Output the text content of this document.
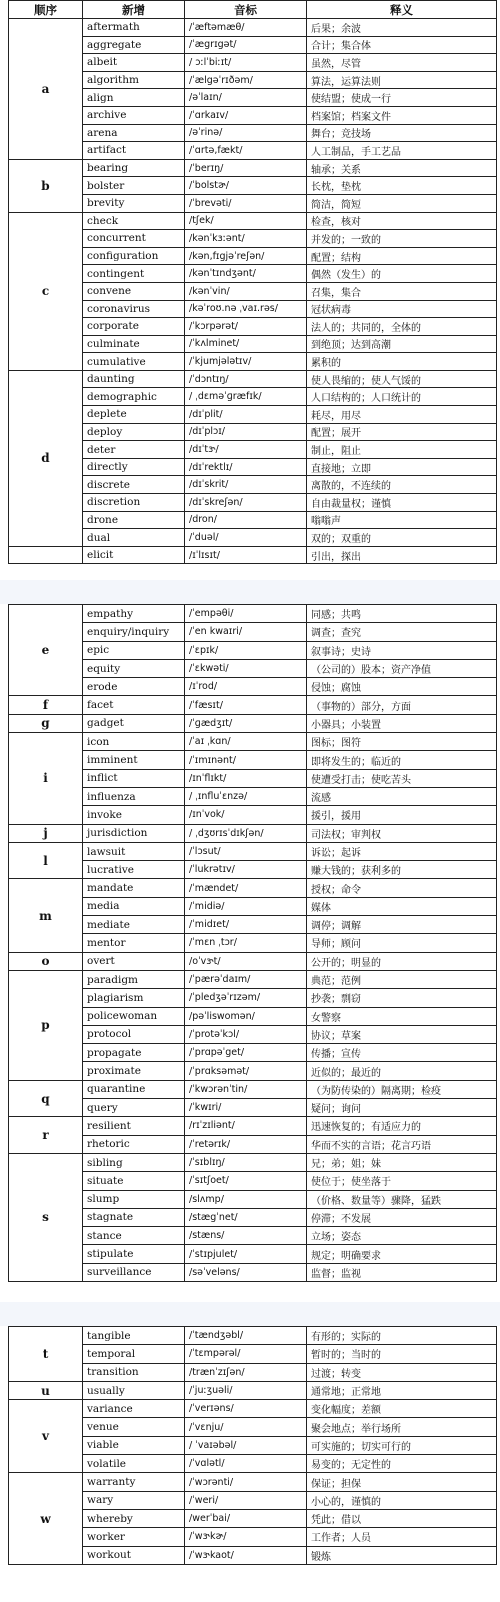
顺序	新增	音标	释义
a	aftermath	/ˈæftəmæθ/	后果；余波
	aggregate	/ˈægrɪgət/	合计；集合体
	albeit	/ ɔːlˈbiːɪt/	虽然，尽管
	algorithm	/ˈælgəˈrɪðəm/	算法，运算法则
	align	/əˈlaɪn/	使结盟；使成一行
	archive	/ˈɑrkaɪv/	档案馆；档案文件
	arena	/əˈrinə/	舞台；竞技场
	artifact	/ˈɑrtə,fækt/	人工制品，手工艺品
b	bearing	/ˈberɪŋ/	轴承；关系
	bolster	/ˈbolstɚ/	长枕，垫枕
	brevity	/ˈbrevəti/	简洁，简短
c	check	/tʃek/	检查，核对
	concurrent	/kənˈkɜːənt/	并发的；一致的
	configuration	/kən,fɪgjəˈreʃən/	配置；结构
	contingent	/kənˈtɪndʒənt/	偶然（发生）的
	convene	/kənˈvin/	召集，集合
	coronavirus	/kəˈroʊ.nə ˌvaɪ.rəs/	冠状病毒
	corporate	/ˈkɔrpərət/	法人的；共同的，全体的
	culminate	/ˈkʌlminet/	到绝顶；达到高潮
	cumulative	/ˈkjumjələtɪv/	累积的
d	daunting	/ˈdɔntɪŋ/	使人畏缩的；使人气馁的
	demographic	/ ˌdɛməˈɡræfɪk/	人口结构的；人口统计的
	deplete	/dɪˈplit/	耗尽，用尽
	deploy	/dɪˈplɔɪ/	配置；展开
	deter	/dɪˈtɝ/	制止，阻止
	directly	/dɪˈrektlɪ/	直接地；立即
	discrete	/dɪˈskrit/	离散的，不连续的
	discretion	/dɪˈskreʃən/	自由裁量权；谨慎
	drone	/dron/	嗡嗡声
	dual	/ˈduəl/	双的；双重的
	elicit	/ɪˈlɪsɪt/	引出，探出
e	empathy	/ˈempəθi/	同感；共鸣
	enquiry/inquiry	/ˈen kwaɪri/	调查；查究
	epic	/ˈɛpɪk/	叙事诗；史诗
	equity	/ˈɛkwəti/	（公司的）股本；资产净值
	erode	/ɪˈrod/	侵蚀；腐蚀
f	facet	/ˈfæsɪt/	（事物的）部分，方面
g	gadget	/ˈɡædʒɪt/	小器具；小装置
i	icon	/ˈaɪ ˌkɑn/	图标；图符
	imminent	/ˈɪmɪnənt/	即将发生的；临近的
	inflict	/ɪnˈflɪkt/	使遭受打击；使吃苦头
	influenza	/ ˌɪnfluˈɛnzə/	流感
	invoke	/ɪnˈvok/	援引，援用
j	jurisdiction	/ ˌdʒʊrɪsˈdɪkʃən/	司法权；审判权
l	lawsuit	/ˈlɔsut/	诉讼；起诉
	lucrative	/ˈlukrətɪv/	赚大钱的；获利多的
m	mandate	/ˈmændet/	授权；命令
	media	/ˈmidiə/	媒体
	mediate	/ˈmidɪet/	调停；调解
	mentor	/ˈmɛn ˌtɔr/	导师；顾问
o	overt	/oˈvɝt/	公开的；明显的
p	paradigm	/ˈpærəˈdaɪm/	典范；范例
	plagiarism	/ˈpledʒəˈrɪzəm/	抄袭；剽窃
	policewoman	/pəˈliswomən/	女警察
	protocol	/ˈprotəˈkɔl/	协议；草案
	propagate	/ˈprɑpəˈget/	传播；宣传
	proximate	/ˈprɑksəmət/	近似的；最近的
q	quarantine	/ˈkwɔrənˈtin/	（为防传染的）隔离期；检疫
	query	/ˈkwɪri/	疑问；询问
r	resilient	/rɪˈzɪliənt/	迅速恢复的；有适应力的
	rhetoric	/ˈretərɪk/	华而不实的言语；花言巧语
s	sibling	/ˈsɪblɪŋ/	兄；弟；姐；妹
	situate	/ˈsɪtʃoet/	使位于；使坐落于
	slump	/slʌmp/	（价格、数量等）骤降，猛跌
	stagnate	/stægˈnet/	停滞；不发展
	stance	/stæns/	立场；姿态
	stipulate	/ˈstɪpjulet/	规定；明确要求
	surveillance	/səˈveləns/	监督；监视
t	tangible	/ˈtændʒəbl/	有形的；实际的
	temporal	/ˈtɛmpərəl/	暂时的；当时的
	transition	/trænˈzɪʃən/	过渡；转变
u	usually	/ˈjuːʒuəli/	通常地；正常地
v	variance	/ˈverɪəns/	变化幅度；差额
	venue	/ˈvɛnju/	聚会地点；举行场所
	viable	/ ˈvaɪəbəl/	可实施的；切实可行的
	volatile	/ˈvɑlətl/	易变的；无定性的
w	warranty	/ˈwɔrənti/	保证；担保
	wary	/ˈweri/	小心的，谨慎的
	whereby	/werˈbai/	凭此；借以
	worker	/ˈwɝkɚ/	工作者；人员
	workout	/ˈwɝkaot/	锻炼
